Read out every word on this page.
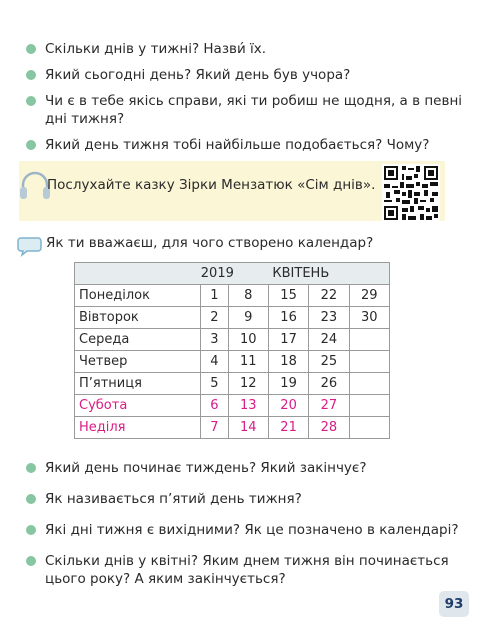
Скільки днів у тижні? Назви́ їх.
Який сьогодні день? Який день був учора?
Чи є в тебе якісь справи, які ти робиш не щодня, а в певні дні тижня?
Який день тижня тобі найбільше подобається? Чому?
Послухайте казку Зірки Мензатюк «Сім днів».
Як ти вважаєш, для чого створено календар?
	2019		КВІТЕНЬ		
Понеділок	1	8	15	22	29
Вівторок	2	9	16	23	30
Середа	3	10	17	24	
Четвер	4	11	18	25	
П’ятниця	5	12	19	26	
Субота	6	13	20	27	
Неділя	7	14	21	28	
Який день починає тиждень? Який закінчує?
Як називається п’ятий день тижня?
Які дні тижня є вихідними? Як це позначено в календарі?
Скільки днів у квітні? Яким днем тижня він починається цього року? А яким закінчується?
93
